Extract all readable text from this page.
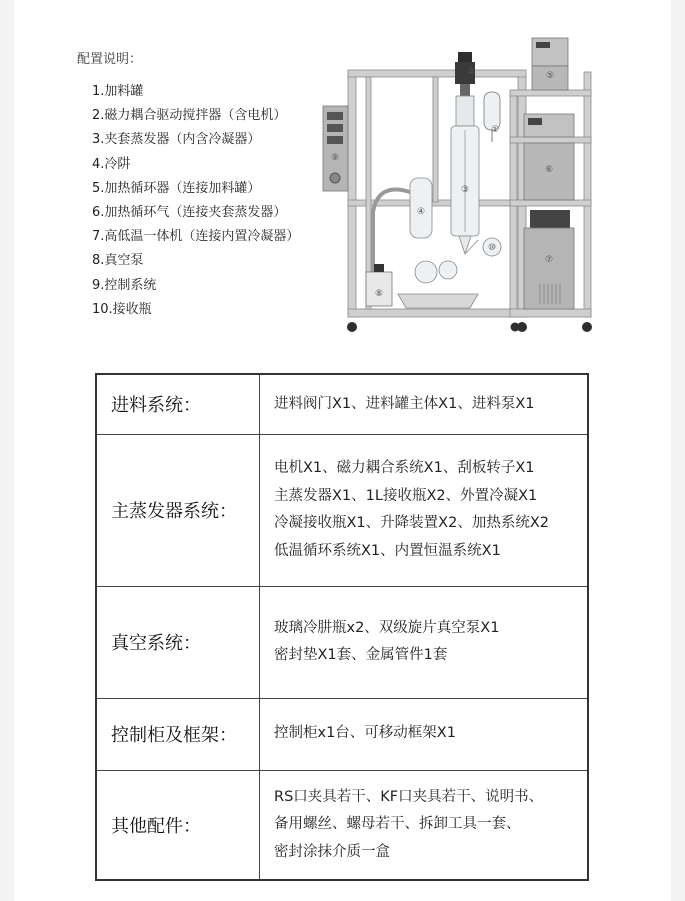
配置说明：
1.加料罐
2.磁力耦合驱动搅拌器（含电机）
3.夹套蒸发器（内含冷凝器）
4.冷阱
5.加热循环器（连接加料罐）
6.加热循环气（连接夹套蒸发器）
7.高低温一体机（连接内置冷凝器）
8.真空泵
9.控制系统
10.接收瓶
①
②
③
④
⑤
⑥
⑦
⑧
⑨
⑩
进料系统：	进料阀门X1、进料罐主体X1、进料泵X1

主蒸发器系统：	电机X1、磁力耦合系统X1、刮板转子X1
主蒸发器X1、1L接收瓶X2、外置冷凝X1
冷凝接收瓶X1、升降装置X2、加热系统X2
低温循环系统X1、内置恒温系统X1

真空系统：	玻璃冷肼瓶x2、双级旋片真空泵X1
密封垫X1套、金属管件1套

控制柜及框架：	控制柜x1台、可移动框架X1

其他配件：	RS口夹具若干、KF口夹具若干、说明书、
备用螺丝、螺母若干、拆卸工具一套、
密封涂抹介质一盒
